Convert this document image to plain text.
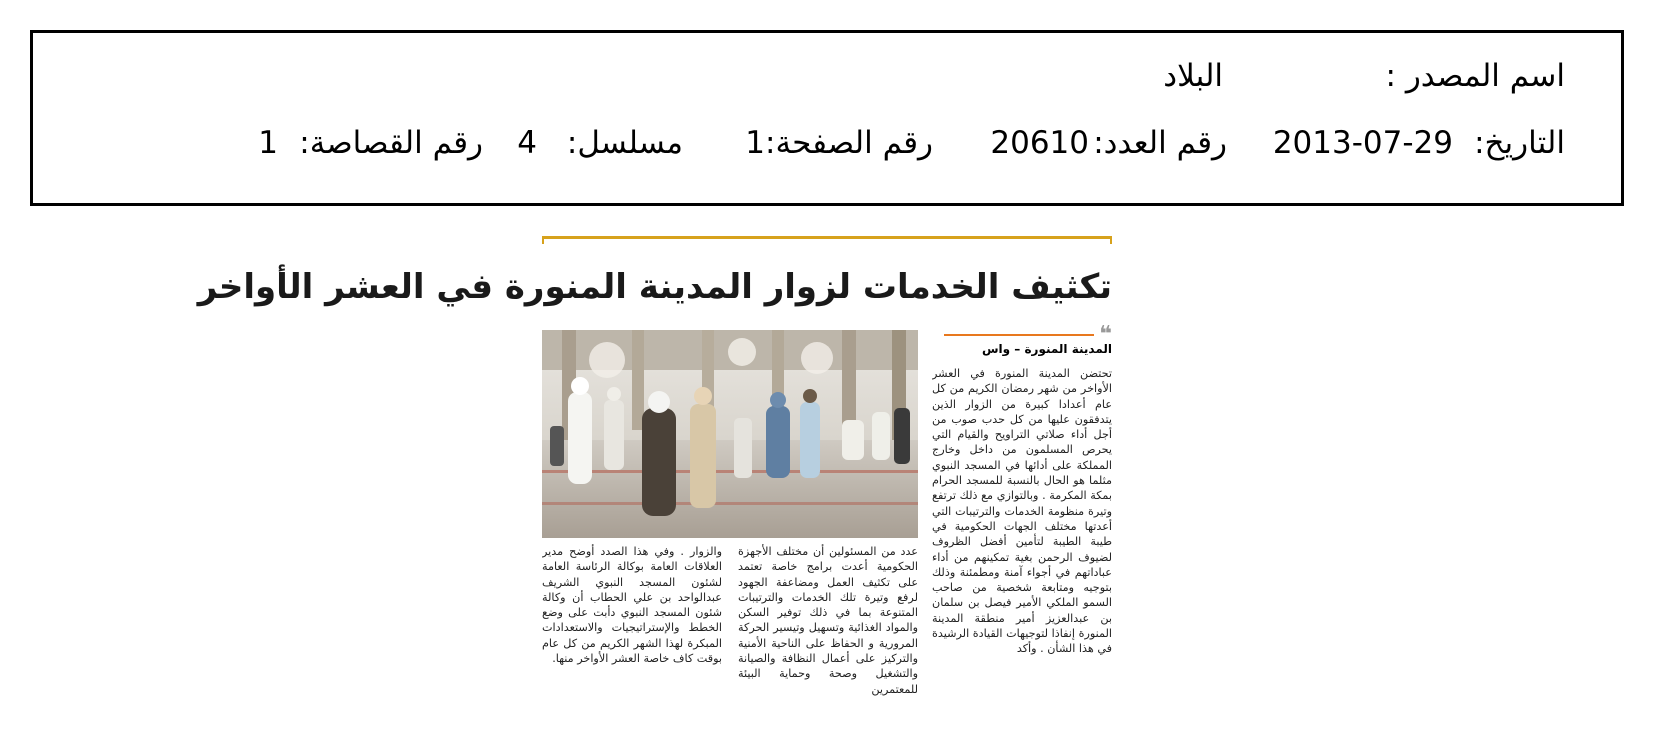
اسم المصدر :
البلاد
التاريخ:
2013-07-29
رقم العدد:
20610
رقم الصفحة:
1
مسلسل:
4
رقم القصاصة:
1
تكثيف الخدمات لزوار المدينة المنورة في العشر الأواخر
❝
المدينة المنورة – واس
تحتضن المدينة المنورة في العشر الأواخر من شهر رمضان الكريم من كل عام أعدادا كبيرة من الزوار الذين يتدفقون عليها من كل حدب صوب من أجل أداء صلاتي التراويح والقيام التي يحرص المسلمون من داخل وخارج المملكة على أدائها في المسجد النبوي مثلما هو الحال بالنسبة للمسجد الحرام بمكة المكرمة . وبالتوازي مع ذلك ترتفع وتيرة منظومة الخدمات والترتيبات التي أعدتها مختلف الجهات الحكومية في طيبة الطيبة لتأمين أفضل الظروف لضيوف الرحمن بغية تمكينهم من أداء عباداتهم في أجواء آمنة ومطمئنة وذلك بتوجيه ومتابعة شخصية من صاحب السمو الملكي الأمير فيصل بن سلمان بن عبدالعزيز أمير منطقة المدينة المنورة إنفاذا لتوجيهات القيادة الرشيدة في هذا الشأن . وأكد
عدد من المسئولين أن مختلف الأجهزة الحكومية أعدت برامج خاصة تعتمد على تكثيف العمل ومضاعفة الجهود لرفع وتيرة تلك الخدمات والترتيبات المتنوعة بما في ذلك توفير السكن والمواد الغذائية وتسهيل وتيسير الحركة المرورية و الحفاظ على الناحية الأمنية والتركيز على أعمال النظافة والصيانة والتشغيل وصحة وحماية البيئة للمعتمرين
والزوار . وفي هذا الصدد أوضح مدير العلاقات العامة بوكالة الرئاسة العامة لشئون المسجد النبوي الشريف عبدالواحد بن علي الحطاب أن وكالة شئون المسجد النبوي دأبت على وضع الخطط والإستراتيجيات والاستعدادات المبكرة لهذا الشهر الكريم من كل عام بوقت كاف خاصة العشر الأواخر منها.
